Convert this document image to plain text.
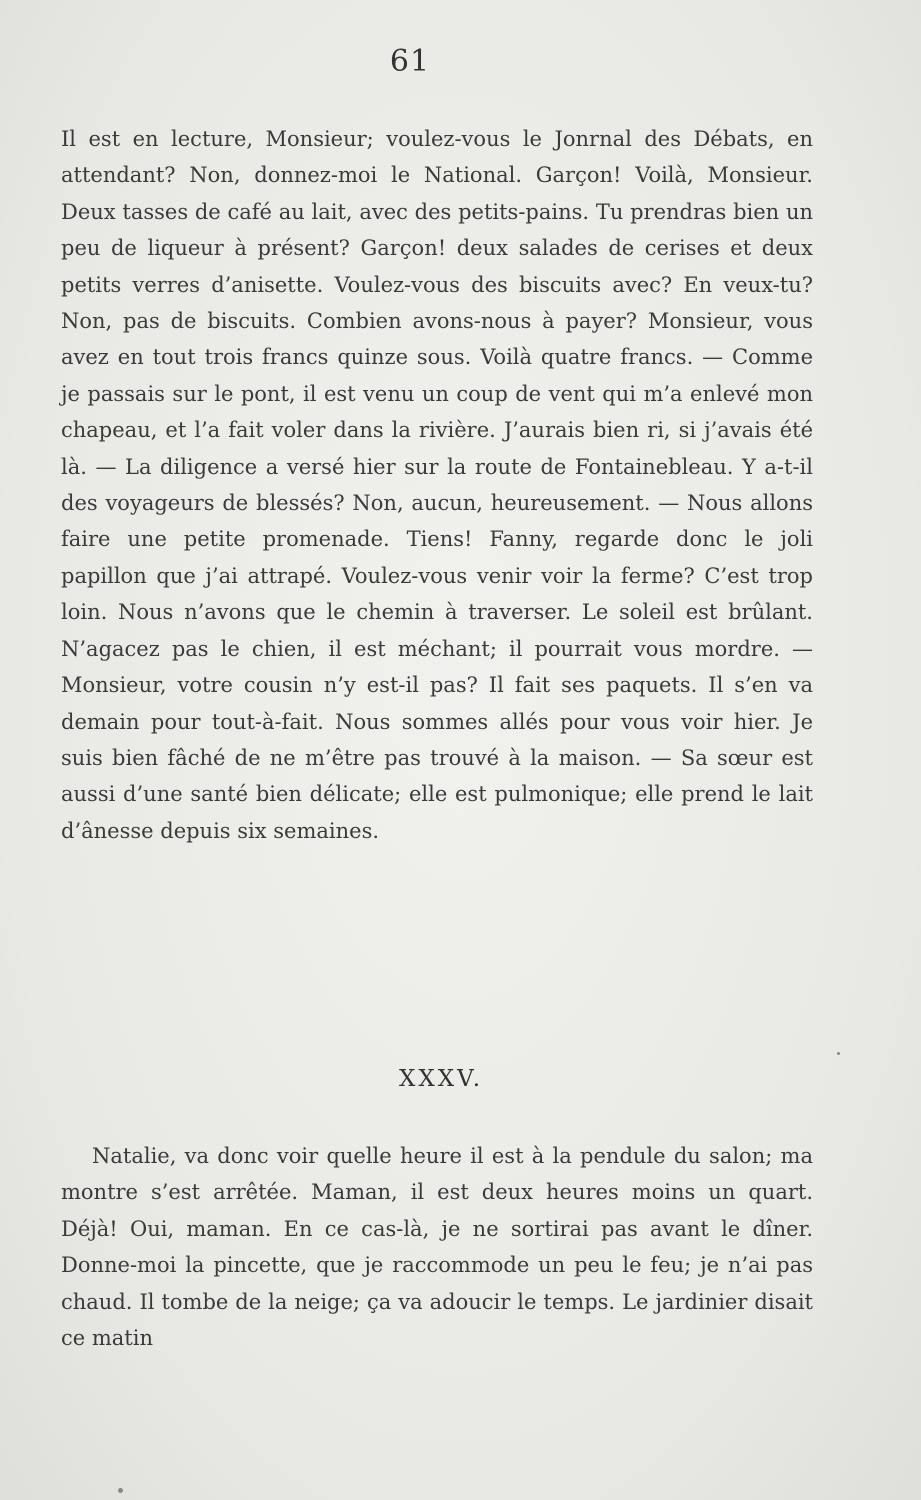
61

Il est en lecture, Monsieur; voulez-vous le Jonrnal des Débats, en attendant? Non, donnez-moi le National. Garçon! Voilà, Monsieur. Deux tasses de café au lait, avec des petits-pains. Tu prendras bien un peu de liqueur à présent? Garçon! deux salades de cerises et deux petits verres d’anisette. Voulez-vous des biscuits avec? En veux-tu? Non, pas de biscuits. Combien avons-nous à payer? Monsieur, vous avez en tout trois francs quinze sous. Voilà quatre francs. — Comme je passais sur le pont, il est venu un coup de vent qui m’a enlevé mon chapeau, et l’a fait voler dans la rivière. J’aurais bien ri, si j’avais été là. — La diligence a versé hier sur la route de Fontainebleau. Y a-t-il des voyageurs de blessés? Non, aucun, heureusement. — Nous allons faire une petite promenade. Tiens! Fanny, regarde donc le joli papillon que j’ai attrapé. Voulez-vous venir voir la ferme? C’est trop loin. Nous n’avons que le chemin à traverser. Le soleil est brûlant. N’agacez pas le chien, il est méchant; il pourrait vous mordre. — Monsieur, votre cousin n’y est-il pas? Il fait ses paquets. Il s’en va demain pour tout-à-fait. Nous sommes allés pour vous voir hier. Je suis bien fâché de ne m’être pas trouvé à la maison. — Sa sœur est aussi d’une santé bien délicate; elle est pulmonique; elle prend le lait d’ânesse depuis six semaines.

XXXV.

Natalie, va donc voir quelle heure il est à la pendule du salon; ma montre s’est arrêtée. Maman, il est deux heures moins un quart. Déjà! Oui, maman. En ce cas-là, je ne sortirai pas avant le dîner. Donne-moi la pincette, que je raccommode un peu le feu; je n’ai pas chaud. Il tombe de la neige; ça va adoucir le temps. Le jardinier disait ce matin
